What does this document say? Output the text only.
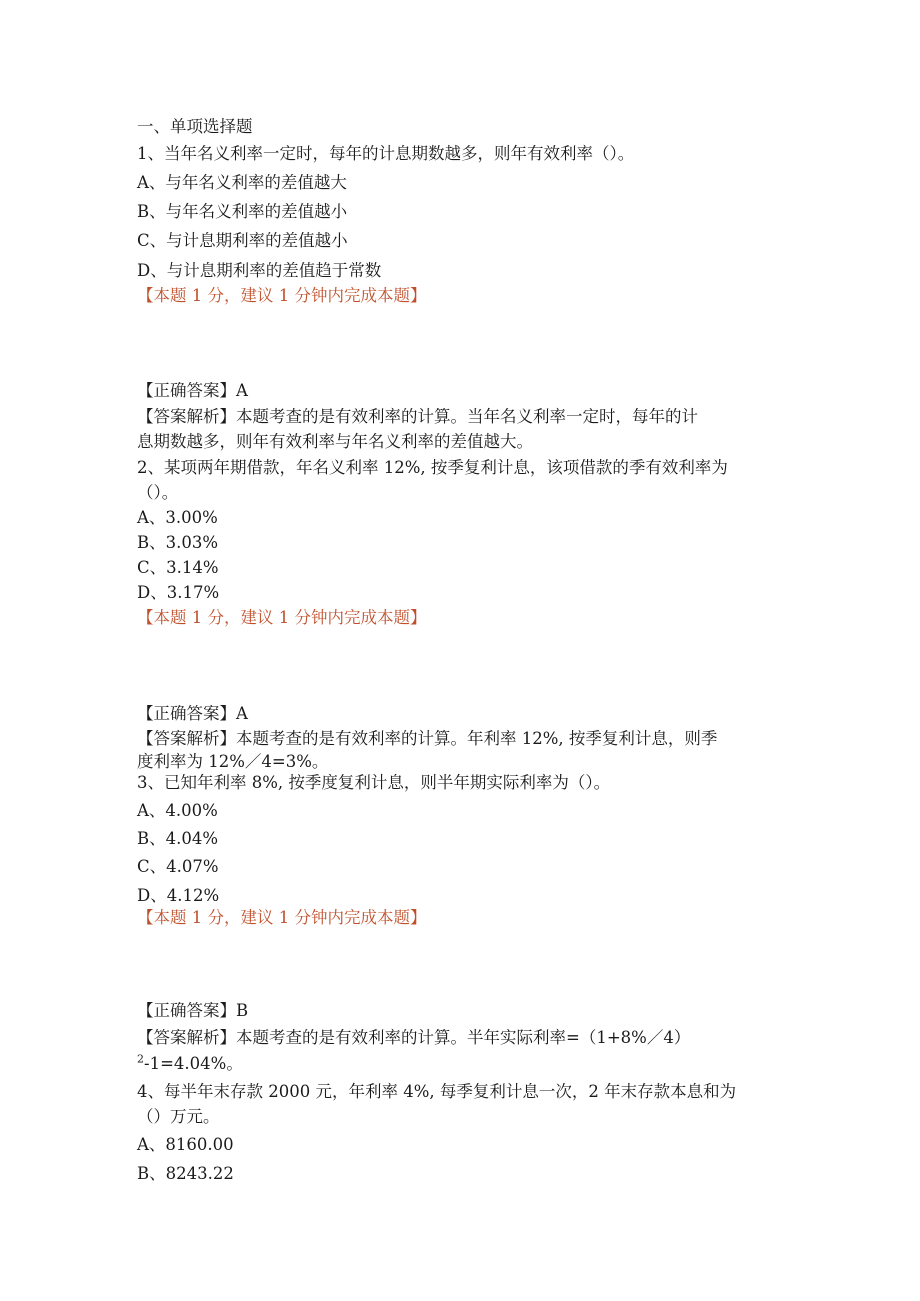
一、单项选择题
1、当年名义利率一定时，每年的计息期数越多，则年有效利率（）。
A、与年名义利率的差值越大
B、与年名义利率的差值越小
C、与计息期利率的差值越小
D、与计息期利率的差值趋于常数
【本题 1 分，建议 1 分钟内完成本题】
【正确答案】A
【答案解析】本题考查的是有效利率的计算。当年名义利率一定时，每年的计
息期数越多，则年有效利率与年名义利率的差值越大。
2、某项两年期借款，年名义利率 12%, 按季复利计息，该项借款的季有效利率为
（）。
A、3.00%
B、3.03%
C、3.14%
D、3.17%
【本题 1 分，建议 1 分钟内完成本题】
【正确答案】A
【答案解析】本题考查的是有效利率的计算。年利率 12%, 按季复利计息，则季
度利率为 12%／4=3%。
3、已知年利率 8%, 按季度复利计息，则半年期实际利率为（）。
A、4.00%
B、4.04%
C、4.07%
D、4.12%
【本题 1 分，建议 1 分钟内完成本题】
【正确答案】B
【答案解析】本题考查的是有效利率的计算。半年实际利率=（1+8%／4）
$^2$-1=4.04%。
4、每半年末存款 2000 元，年利率 4%, 每季复利计息一次，2 年末存款本息和为
（）万元。
A、8160.00
B、8243.22
